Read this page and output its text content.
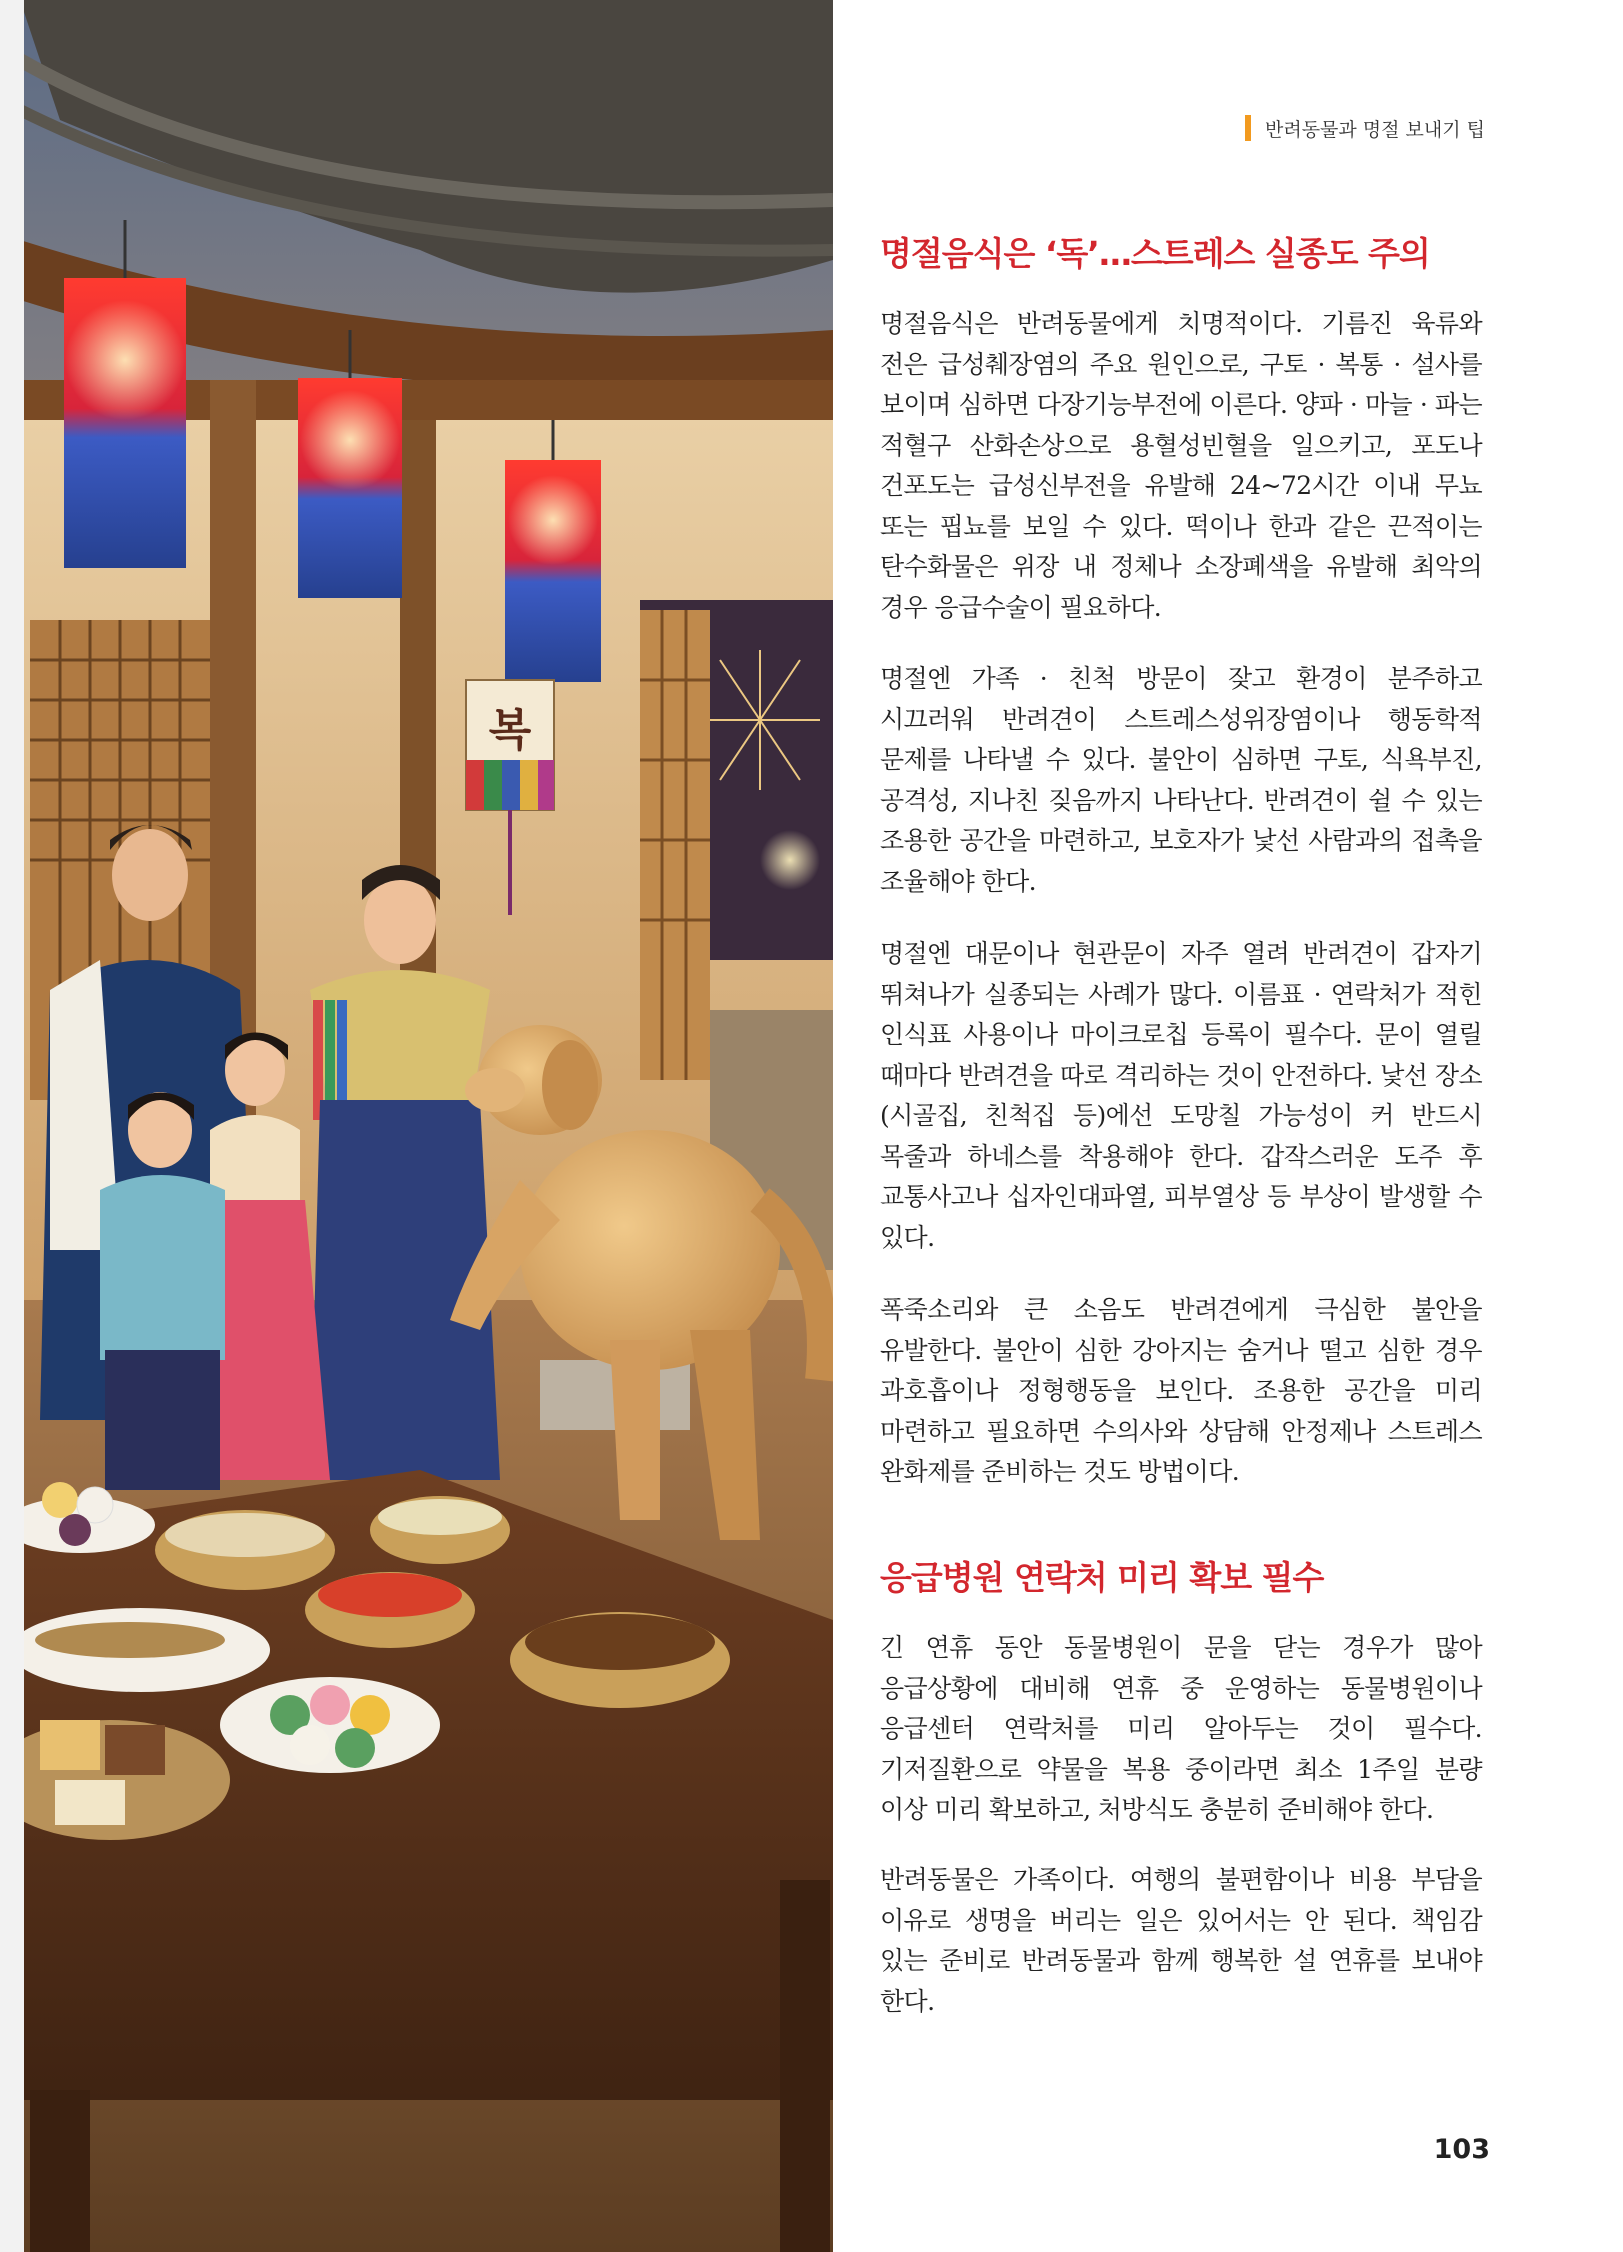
복
반려동물과 명절 보내기 팁
명절음식은 ‘독’…스트레스 실종도 주의

명절음식은 반려동물에게 치명적이다. 기름진 육류와 전은 급성췌장염의 주요 원인으로, 구토 · 복통 · 설사를 보이며 심하면 다장기능부전에 이른다. 양파 · 마늘 · 파는 적혈구 산화손상으로 용혈성빈혈을 일으키고, 포도나 건포도는 급성신부전을 유발해 24~72시간 이내 무뇨 또는 핍뇨를 보일 수 있다. 떡이나 한과 같은 끈적이는 탄수화물은 위장 내 정체나 소장폐색을 유발해 최악의 경우 응급수술이 필요하다.

명절엔 가족 · 친척 방문이 잦고 환경이 분주하고 시끄러워 반려견이 스트레스성위장염이나 행동학적 문제를 나타낼 수 있다. 불안이 심하면 구토, 식욕부진, 공격성, 지나친 짖음까지 나타난다. 반려견이 쉴 수 있는 조용한 공간을 마련하고, 보호자가 낯선 사람과의 접촉을 조율해야 한다.

명절엔 대문이나 현관문이 자주 열려 반려견이 갑자기 뛰쳐나가 실종되는 사례가 많다. 이름표 · 연락처가 적힌 인식표 사용이나 마이크로칩 등록이 필수다. 문이 열릴 때마다 반려견을 따로 격리하는 것이 안전하다. 낯선 장소(시골집, 친척집 등)에선 도망칠 가능성이 커 반드시 목줄과 하네스를 착용해야 한다. 갑작스러운 도주 후 교통사고나 십자인대파열, 피부열상 등 부상이 발생할 수 있다.

폭죽소리와 큰 소음도 반려견에게 극심한 불안을 유발한다. 불안이 심한 강아지는 숨거나 떨고 심한 경우 과호흡이나 정형행동을 보인다. 조용한 공간을 미리 마련하고 필요하면 수의사와 상담해 안정제나 스트레스 완화제를 준비하는 것도 방법이다.

응급병원 연락처 미리 확보 필수

긴 연휴 동안 동물병원이 문을 닫는 경우가 많아 응급상황에 대비해 연휴 중 운영하는 동물병원이나 응급센터 연락처를 미리 알아두는 것이 필수다. 기저질환으로 약물을 복용 중이라면 최소 1주일 분량 이상 미리 확보하고, 처방식도 충분히 준비해야 한다.

반려동물은 가족이다. 여행의 불편함이나 비용 부담을 이유로 생명을 버리는 일은 있어서는 안 된다. 책임감 있는 준비로 반려동물과 함께 행복한 설 연휴를 보내야 한다.

103
